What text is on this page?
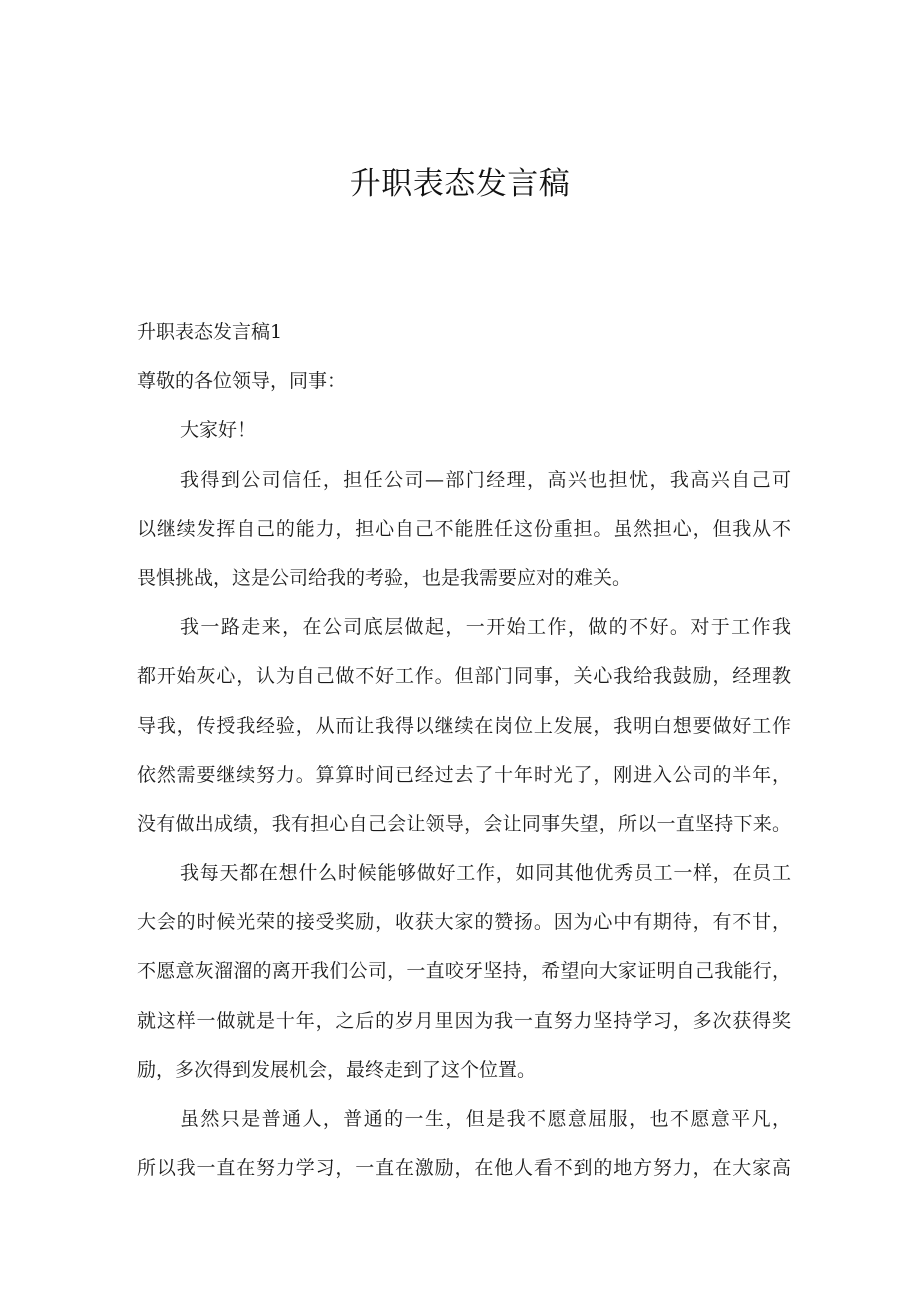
升职表态发言稿
升职表态发言稿1
尊敬的各位领导，同事：
大家好！
我得到公司信任，担任公司—部门经理，高兴也担忧，我高兴自己可
以继续发挥自己的能力，担心自己不能胜任这份重担。虽然担心，但我从不
畏惧挑战，这是公司给我的考验，也是我需要应对的难关。
我一路走来，在公司底层做起，一开始工作，做的不好。对于工作我
都开始灰心，认为自己做不好工作。但部门同事，关心我给我鼓励，经理教
导我，传授我经验，从而让我得以继续在岗位上发展，我明白想要做好工作
依然需要继续努力。算算时间已经过去了十年时光了，刚进入公司的半年，
没有做出成绩，我有担心自己会让领导，会让同事失望，所以一直坚持下来。
我每天都在想什么时候能够做好工作，如同其他优秀员工一样，在员工
大会的时候光荣的接受奖励，收获大家的赞扬。因为心中有期待，有不甘，
不愿意灰溜溜的离开我们公司，一直咬牙坚持，希望向大家证明自己我能行，
就这样一做就是十年，之后的岁月里因为我一直努力坚持学习，多次获得奖
励，多次得到发展机会，最终走到了这个位置。
虽然只是普通人，普通的一生，但是我不愿意屈服，也不愿意平凡，
所以我一直在努力学习，一直在激励，在他人看不到的地方努力，在大家高
